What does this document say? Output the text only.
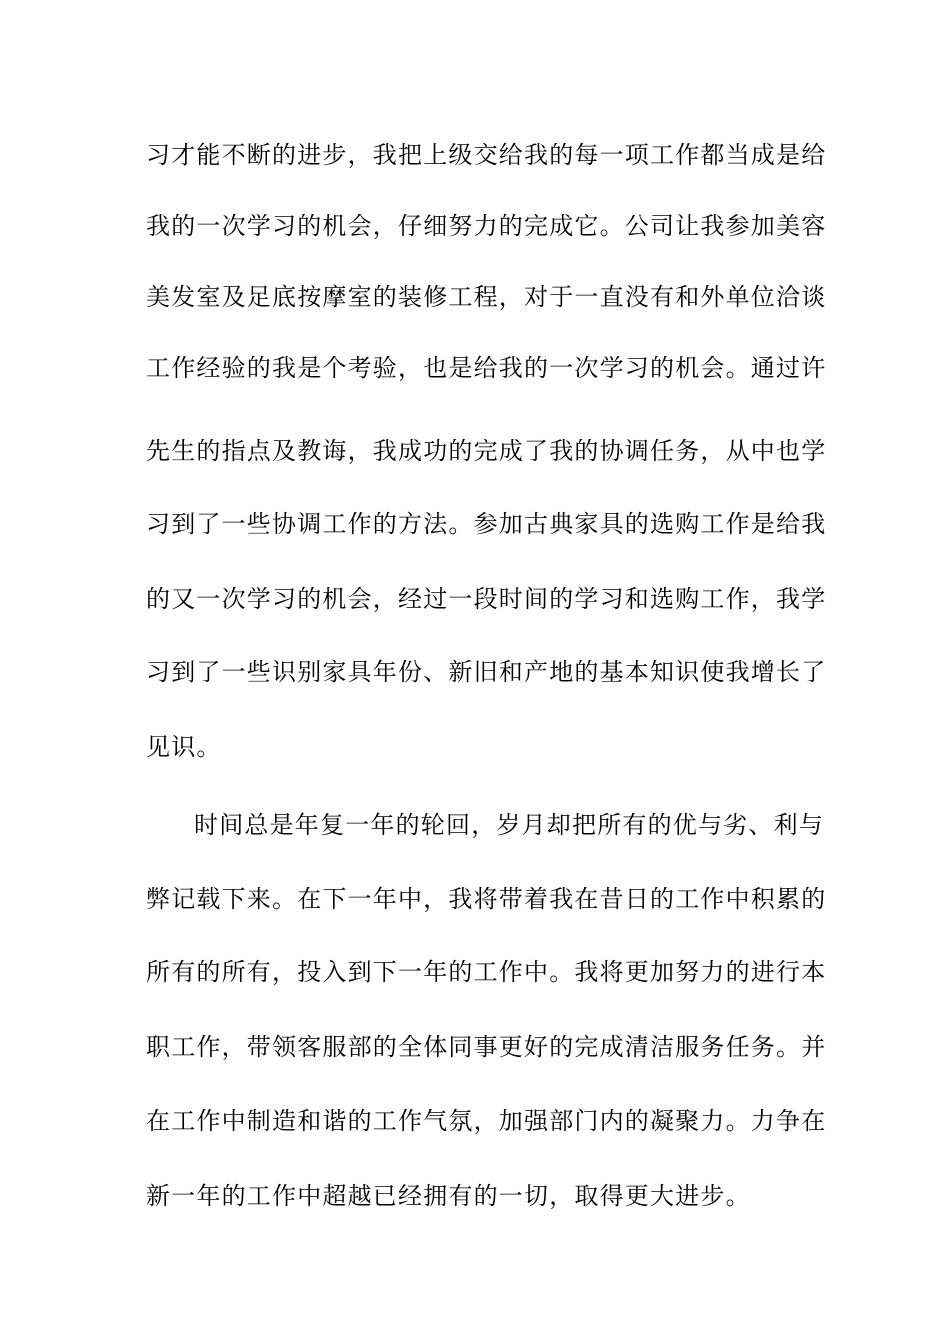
习才能不断的进步，我把上级交给我的每一项工作都当成是给
我的一次学习的机会，仔细努力的完成它。公司让我参加美容
美发室及足底按摩室的装修工程，对于一直没有和外单位洽谈
工作经验的我是个考验，也是给我的一次学习的机会。通过许
先生的指点及教诲，我成功的完成了我的协调任务，从中也学
习到了一些协调工作的方法。参加古典家具的选购工作是给我
的又一次学习的机会，经过一段时间的学习和选购工作，我学
习到了一些识别家具年份、新旧和产地的基本知识使我增长了
见识。
时间总是年复一年的轮回，岁月却把所有的优与劣、利与
弊记载下来。在下一年中，我将带着我在昔日的工作中积累的
所有的所有，投入到下一年的工作中。我将更加努力的进行本
职工作，带领客服部的全体同事更好的完成清洁服务任务。并
在工作中制造和谐的工作气氛，加强部门内的凝聚力。力争在
新一年的工作中超越已经拥有的一切，取得更大进步。
